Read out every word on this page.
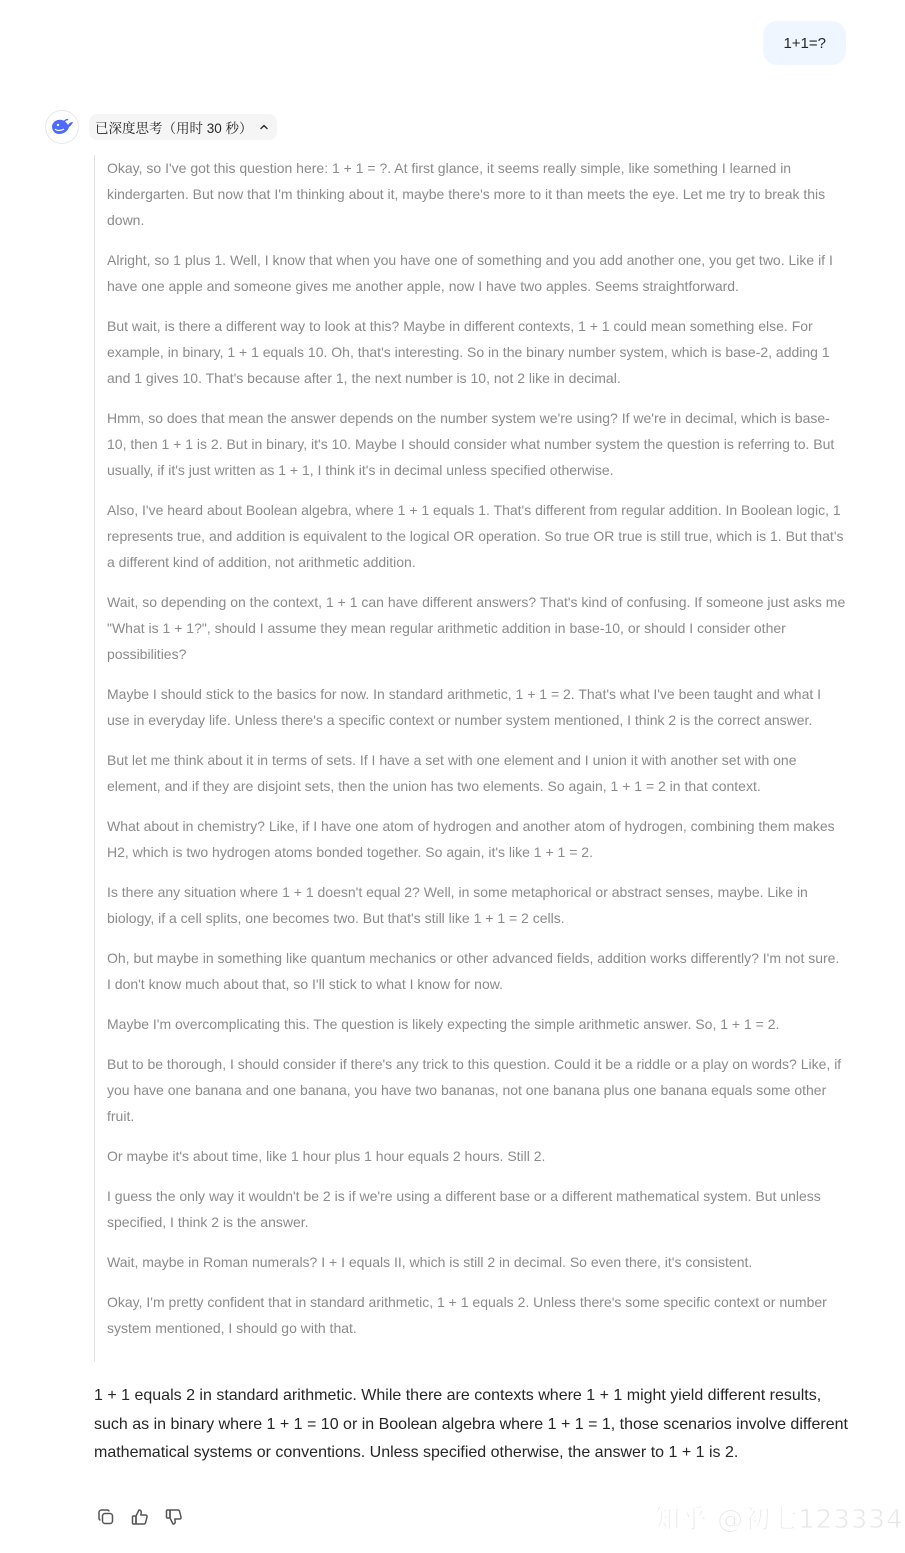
1+1=?
已深度思考（用时 30 秒）

Okay, so I've got this question here: 1 + 1 = ?. At first glance, it seems really simple, like something I learned in kindergarten. But now that I'm thinking about it, maybe there's more to it than meets the eye. Let me try to break this down.

Alright, so 1 plus 1. Well, I know that when you have one of something and you add another one, you get two. Like if I have one apple and someone gives me another apple, now I have two apples. Seems straightforward.

But wait, is there a different way to look at this? Maybe in different contexts, 1 + 1 could mean something else. For example, in binary, 1 + 1 equals 10. Oh, that's interesting. So in the binary number system, which is base-2, adding 1 and 1 gives 10. That's because after 1, the next number is 10, not 2 like in decimal.

Hmm, so does that mean the answer depends on the number system we're using? If we're in decimal, which is base-10, then 1 + 1 is 2. But in binary, it's 10. Maybe I should consider what number system the question is referring to. But usually, if it's just written as 1 + 1, I think it's in decimal unless specified otherwise.

Also, I've heard about Boolean algebra, where 1 + 1 equals 1. That's different from regular addition. In Boolean logic, 1 represents true, and addition is equivalent to the logical OR operation. So true OR true is still true, which is 1. But that's a different kind of addition, not arithmetic addition.

Wait, so depending on the context, 1 + 1 can have different answers? That's kind of confusing. If someone just asks me "What is 1 + 1?", should I assume they mean regular arithmetic addition in base-10, or should I consider other possibilities?

Maybe I should stick to the basics for now. In standard arithmetic, 1 + 1 = 2. That's what I've been taught and what I use in everyday life. Unless there's a specific context or number system mentioned, I think 2 is the correct answer.

But let me think about it in terms of sets. If I have a set with one element and I union it with another set with one element, and if they are disjoint sets, then the union has two elements. So again, 1 + 1 = 2 in that context.

What about in chemistry? Like, if I have one atom of hydrogen and another atom of hydrogen, combining them makes H2, which is two hydrogen atoms bonded together. So again, it's like 1 + 1 = 2.

Is there any situation where 1 + 1 doesn't equal 2? Well, in some metaphorical or abstract senses, maybe. Like in biology, if a cell splits, one becomes two. But that's still like 1 + 1 = 2 cells.

Oh, but maybe in something like quantum mechanics or other advanced fields, addition works differently? I'm not sure. I don't know much about that, so I'll stick to what I know for now.

Maybe I'm overcomplicating this. The question is likely expecting the simple arithmetic answer. So, 1 + 1 = 2.

But to be thorough, I should consider if there's any trick to this question. Could it be a riddle or a play on words? Like, if you have one banana and one banana, you have two bananas, not one banana plus one banana equals some other fruit.

Or maybe it's about time, like 1 hour plus 1 hour equals 2 hours. Still 2.

I guess the only way it wouldn't be 2 is if we're using a different base or a different mathematical system. But unless specified, I think 2 is the answer.

Wait, maybe in Roman numerals? I + I equals II, which is still 2 in decimal. So even there, it's consistent.

Okay, I'm pretty confident that in standard arithmetic, 1 + 1 equals 2. Unless there's some specific context or number system mentioned, I should go with that.

1 + 1 equals 2 in standard arithmetic. While there are contexts where 1 + 1 might yield different results, such as in binary where 1 + 1 = 10 or in Boolean algebra where 1 + 1 = 1, those scenarios involve different mathematical systems or conventions. Unless specified otherwise, the answer to 1 + 1 is 2.

知乎 @初七123334
